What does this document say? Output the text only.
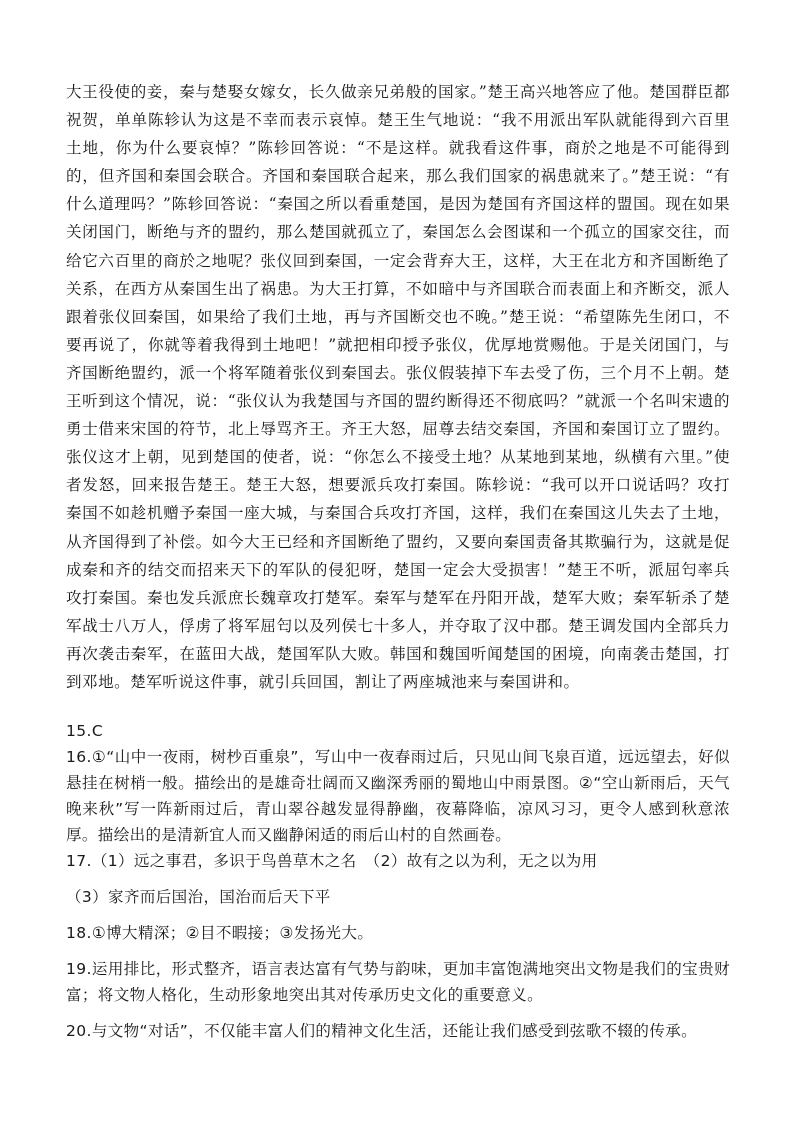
大王役使的妾，秦与楚娶女嫁女，长久做亲兄弟般的国家。”楚王高兴地答应了他。楚国群臣都祝贺，单单陈轸认为这是不幸而表示哀悼。楚王生气地说：“我不用派出军队就能得到六百里土地，你为什么要哀悼？”陈轸回答说：“不是这样。就我看这件事，商於之地是不可能得到的，但齐国和秦国会联合。齐国和秦国联合起来，那么我们国家的祸患就来了。”楚王说：“有什么道理吗？”陈轸回答说：“秦国之所以看重楚国，是因为楚国有齐国这样的盟国。现在如果关闭国门，断绝与齐的盟约，那么楚国就孤立了，秦国怎么会图谋和一个孤立的国家交往，而给它六百里的商於之地呢？张仪回到秦国，一定会背弃大王，这样，大王在北方和齐国断绝了关系，在西方从秦国生出了祸患。为大王打算，不如暗中与齐国联合而表面上和齐断交，派人跟着张仪回秦国，如果给了我们土地，再与齐国断交也不晚。”楚王说：“希望陈先生闭口，不要再说了，你就等着我得到土地吧！”就把相印授予张仪，优厚地赏赐他。于是关闭国门，与齐国断绝盟约，派一个将军随着张仪到秦国去。张仪假装掉下车去受了伤，三个月不上朝。楚王听到这个情况，说：“张仪认为我楚国与齐国的盟约断得还不彻底吗？”就派一个名叫宋遗的勇士借来宋国的符节，北上辱骂齐王。齐王大怒，屈尊去结交秦国，齐国和秦国订立了盟约。张仪这才上朝，见到楚国的使者，说：“你怎么不接受土地？从某地到某地，纵横有六里。”使者发怒，回来报告楚王。楚王大怒，想要派兵攻打秦国。陈轸说：“我可以开口说话吗？攻打秦国不如趁机赠予秦国一座大城，与秦国合兵攻打齐国，这样，我们在秦国这儿失去了土地，从齐国得到了补偿。如今大王已经和齐国断绝了盟约，又要向秦国责备其欺骗行为，这就是促成秦和齐的结交而招来天下的军队的侵犯呀，楚国一定会大受损害！”楚王不听，派屈匄率兵攻打秦国。秦也发兵派庶长魏章攻打楚军。秦军与楚军在丹阳开战，楚军大败；秦军斩杀了楚军战士八万人，俘虏了将军屈匄以及列侯七十多人，并夺取了汉中郡。楚王调发国内全部兵力再次袭击秦军，在蓝田大战，楚国军队大败。韩国和魏国听闻楚国的困境，向南袭击楚国，打到邓地。楚军听说这件事，就引兵回国，割让了两座城池来与秦国讲和。

15.C

16.①“山中一夜雨，树杪百重泉”，写山中一夜春雨过后，只见山间飞泉百道，远远望去，好似悬挂在树梢一般。描绘出的是雄奇壮阔而又幽深秀丽的蜀地山中雨景图。②“空山新雨后，天气晚来秋”写一阵新雨过后，青山翠谷越发显得静幽，夜幕降临，凉风习习，更令人感到秋意浓厚。描绘出的是清新宜人而又幽静闲适的雨后山村的自然画卷。

17.（1）远之事君，多识于鸟兽草木之名　（2）故有之以为利，无之以为用

（3）家齐而后国治，国治而后天下平

18.①博大精深；②目不暇接；③发扬光大。

19.运用排比，形式整齐，语言表达富有气势与韵味，更加丰富饱满地突出文物是我们的宝贵财富；将文物人格化，生动形象地突出其对传承历史文化的重要意义。

20.与文物“对话”，不仅能丰富人们的精神文化生活，还能让我们感受到弦歌不辍的传承。
